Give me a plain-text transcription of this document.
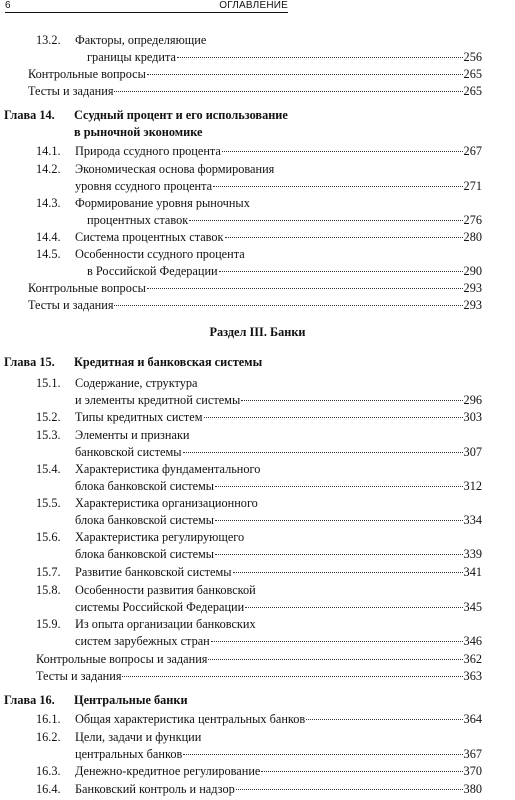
6	ОГЛАВЛЕНИЕ
13.2. Факторы, определяющие
границы кредита	256
Контрольные вопросы	265
Тесты и задания	265
Глава 14. Ссудный процент и его использование
в рыночной экономике
14.1. Природа ссудного процента	267
14.2. Экономическая основа формирования
уровня ссудного процента	271
14.3. Формирование уровня рыночных
процентных ставок	276
14.4. Система процентных ставок	280
14.5. Особенности ссудного процента
в Российской Федерации	290
Контрольные вопросы	293
Тесты и задания	293
Раздел III. Банки
Глава 15. Кредитная и банковская системы
15.1. Содержание, структура
и элементы кредитной системы	296
15.2. Типы кредитных систем	303
15.3. Элементы и признаки
банковской системы	307
15.4. Характеристика фундаментального
блока банковской системы	312
15.5. Характеристика организационного
блока банковской системы	334
15.6. Характеристика регулирующего
блока банковской системы	339
15.7. Развитие банковской системы	341
15.8. Особенности развития банковской
системы Российской Федерации	345
15.9. Из опыта организации банковских
систем зарубежных стран	346
Контрольные вопросы и задания	362
Тесты и задания	363
Глава 16. Центральные банки
16.1. Общая характеристика центральных банков	364
16.2. Цели, задачи и функции
центральных банков	367
16.3. Денежно-кредитное регулирование	370
16.4. Банковский контроль и надзор	380
